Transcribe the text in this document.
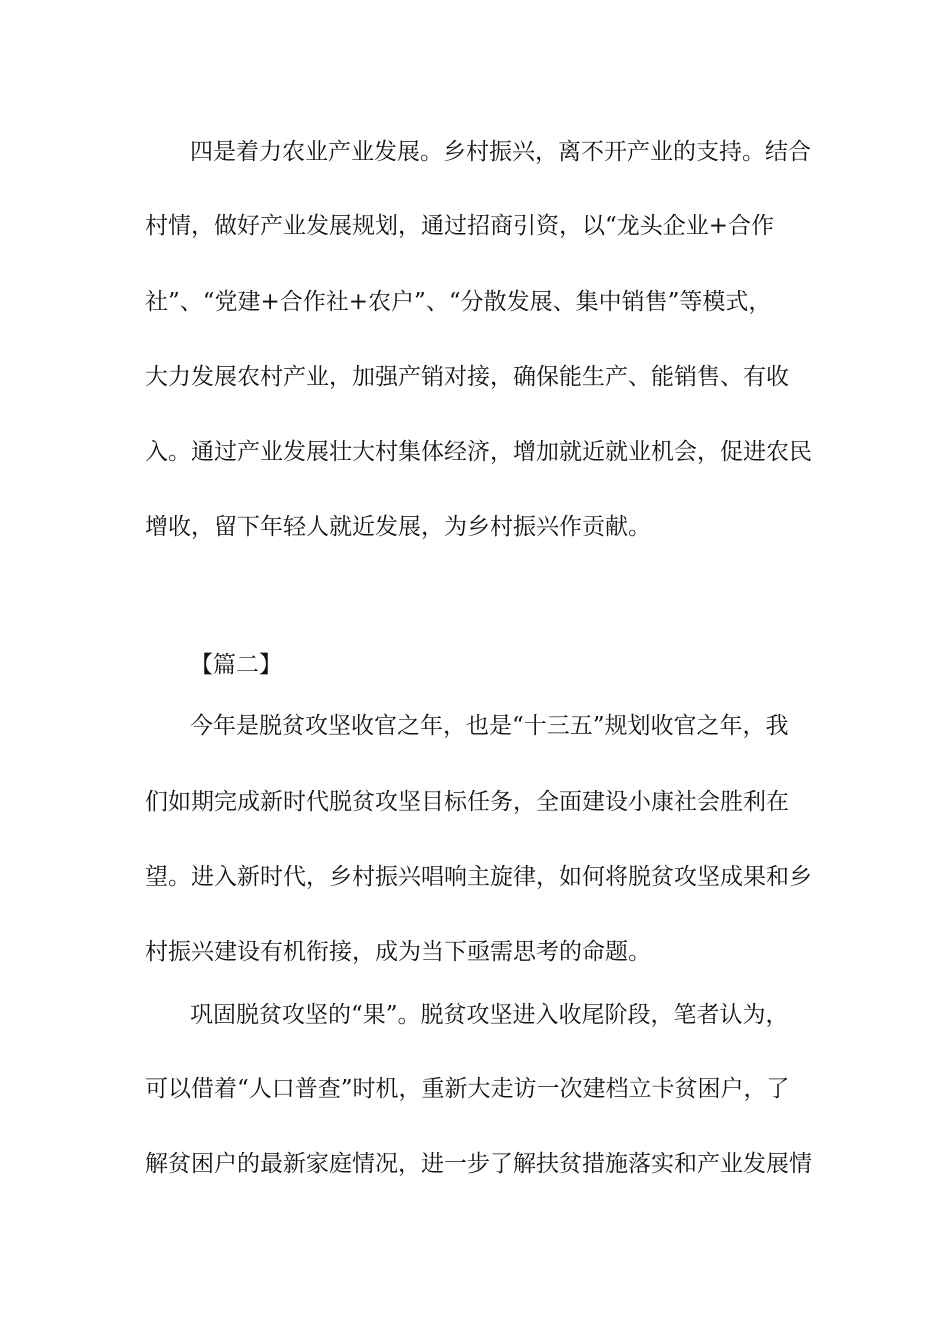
四是着力农业产业发展。乡村振兴，离不开产业的支持。结合
村情，做好产业发展规划，通过招商引资，以“龙头企业+合作
社”、“党建+合作社+农户”、“分散发展、集中销售”等模式，
大力发展农村产业，加强产销对接，确保能生产、能销售、有收
入。通过产业发展壮大村集体经济，增加就近就业机会，促进农民
增收，留下年轻人就近发展，为乡村振兴作贡献。
【篇二】
今年是脱贫攻坚收官之年，也是“十三五”规划收官之年，我
们如期完成新时代脱贫攻坚目标任务，全面建设小康社会胜利在
望。进入新时代，乡村振兴唱响主旋律，如何将脱贫攻坚成果和乡
村振兴建设有机衔接，成为当下亟需思考的命题。
巩固脱贫攻坚的“果”。脱贫攻坚进入收尾阶段，笔者认为，
可以借着“人口普查”时机，重新大走访一次建档立卡贫困户，了
解贫困户的最新家庭情况，进一步了解扶贫措施落实和产业发展情
